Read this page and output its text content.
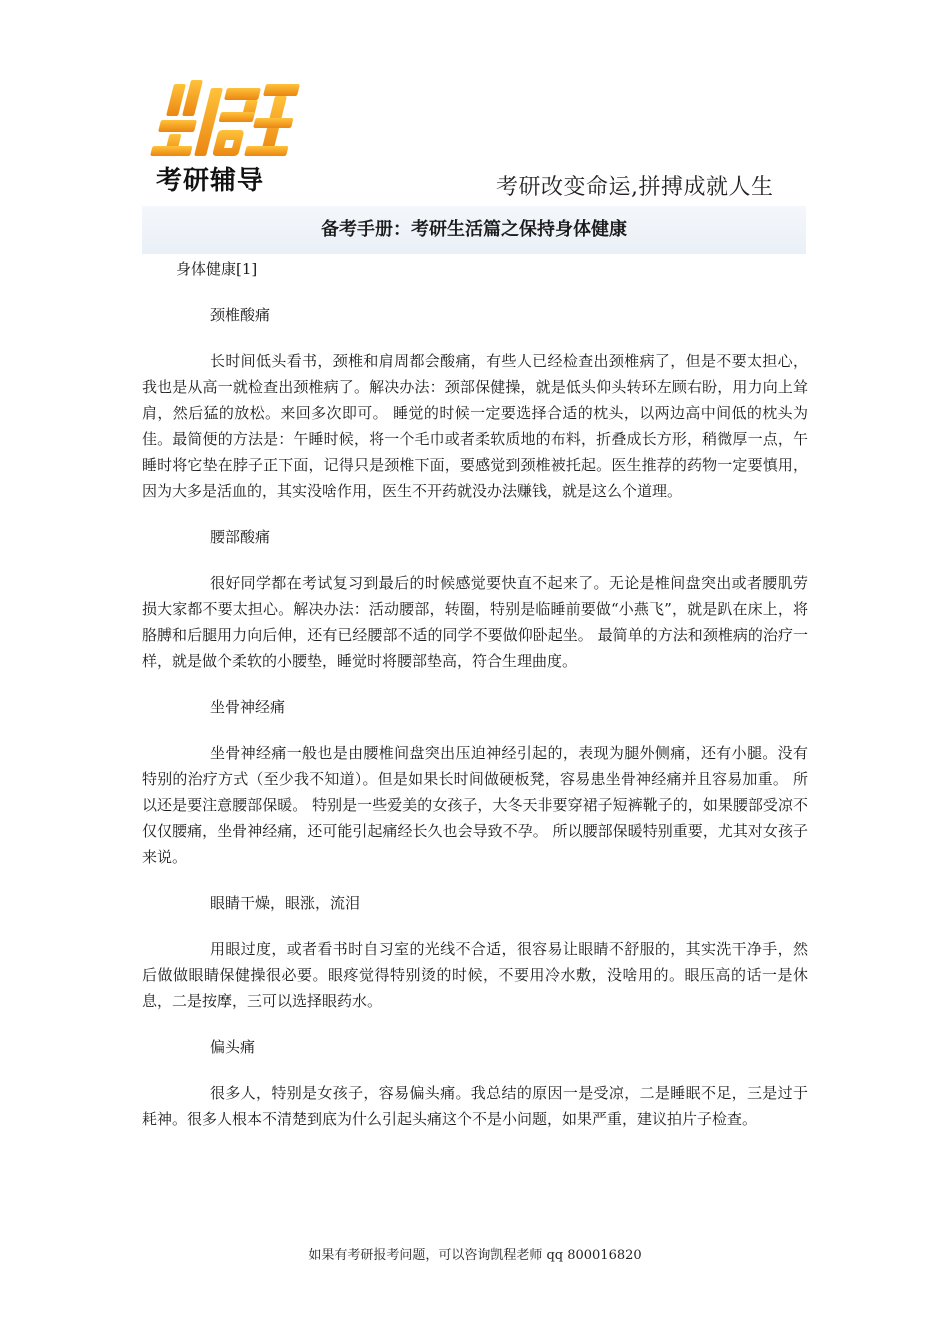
考研辅导	考研改变命运,拼搏成就人生
备考手册：考研生活篇之保持身体健康

身体健康[1]

颈椎酸痛

长时间低头看书，颈椎和肩周都会酸痛，有些人已经检查出颈椎病了，但是不要太担心，我也是从高一就检查出颈椎病了。解决办法：颈部保健操，就是低头仰头转环左顾右盼，用力向上耸肩，然后猛的放松。来回多次即可。 睡觉的时候一定要选择合适的枕头，以两边高中间低的枕头为佳。最简便的方法是：午睡时候，将一个毛巾或者柔软质地的布料，折叠成长方形，稍微厚一点，午睡时将它垫在脖子正下面，记得只是颈椎下面，要感觉到颈椎被托起。医生推荐的药物一定要慎用，因为大多是活血的，其实没啥作用，医生不开药就没办法赚钱，就是这么个道理。

腰部酸痛

很好同学都在考试复习到最后的时候感觉要快直不起来了。无论是椎间盘突出或者腰肌劳损大家都不要太担心。解决办法：活动腰部，转圈，特别是临睡前要做“小燕飞”，就是趴在床上，将胳膊和后腿用力向后伸，还有已经腰部不适的同学不要做仰卧起坐。 最简单的方法和颈椎病的治疗一样，就是做个柔软的小腰垫，睡觉时将腰部垫高，符合生理曲度。

坐骨神经痛

坐骨神经痛一般也是由腰椎间盘突出压迫神经引起的，表现为腿外侧痛，还有小腿。没有特别的治疗方式（至少我不知道）。但是如果长时间做硬板凳，容易患坐骨神经痛并且容易加重。 所以还是要注意腰部保暖。 特别是一些爱美的女孩子，大冬天非要穿裙子短裤靴子的，如果腰部受凉不仅仅腰痛，坐骨神经痛，还可能引起痛经长久也会导致不孕。 所以腰部保暖特别重要，尤其对女孩子来说。

眼睛干燥，眼涨，流泪

用眼过度，或者看书时自习室的光线不合适，很容易让眼睛不舒服的，其实洗干净手，然后做做眼睛保健操很必要。眼疼觉得特别烫的时候，不要用冷水敷，没啥用的。眼压高的话一是休息，二是按摩，三可以选择眼药水。

偏头痛

很多人，特别是女孩子，容易偏头痛。我总结的原因一是受凉，二是睡眠不足，三是过于耗神。很多人根本不清楚到底为什么引起头痛这个不是小问题，如果严重，建议拍片子检查。

如果有考研报考问题，可以咨询凯程老师 qq 800016820
